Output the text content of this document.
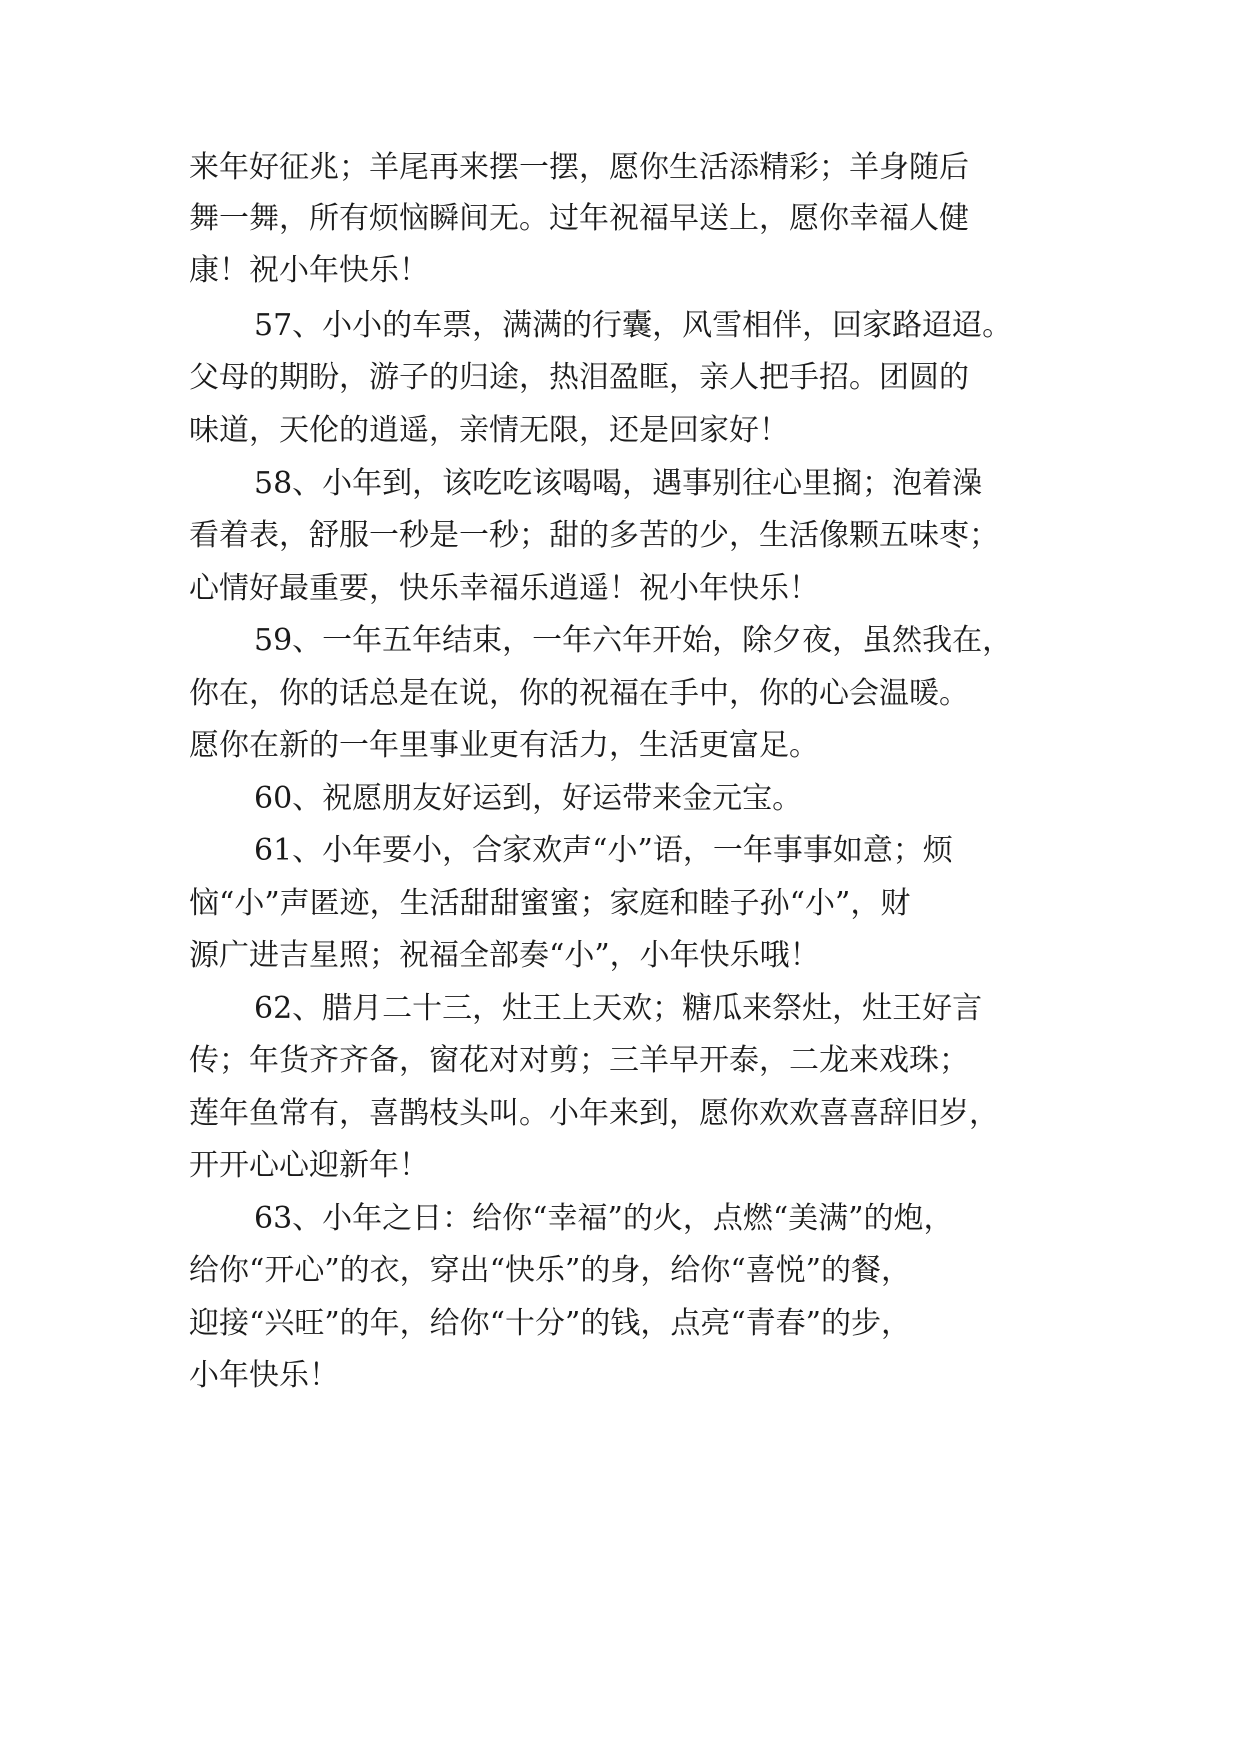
来年好征兆；羊尾再来摆一摆，愿你生活添精彩；羊身随后
舞一舞，所有烦恼瞬间无。过年祝福早送上，愿你幸福人健
康！祝小年快乐！
57、小小的车票，满满的行囊，风雪相伴，回家路迢迢。
父母的期盼，游子的归途，热泪盈眶，亲人把手招。团圆的
味道，天伦的逍遥，亲情无限，还是回家好！
58、小年到，该吃吃该喝喝，遇事别往心里搁；泡着澡
看着表，舒服一秒是一秒；甜的多苦的少，生活像颗五味枣；
心情好最重要，快乐幸福乐逍遥！祝小年快乐！
59、一年五年结束，一年六年开始，除夕夜，虽然我在，
你在，你的话总是在说，你的祝福在手中，你的心会温暖。
愿你在新的一年里事业更有活力，生活更富足。
60、祝愿朋友好运到，好运带来金元宝。
61、小年要小，合家欢声“小”语，一年事事如意；烦
恼“小”声匿迹，生活甜甜蜜蜜；家庭和睦子孙“小”，财
源广进吉星照；祝福全部奏“小”，小年快乐哦！
62、腊月二十三，灶王上天欢；糖瓜来祭灶，灶王好言
传；年货齐齐备，窗花对对剪；三羊早开泰，二龙来戏珠；
莲年鱼常有，喜鹊枝头叫。小年来到，愿你欢欢喜喜辞旧岁，
开开心心迎新年！
63、小年之日：给你“幸福”的火，点燃“美满”的炮，
给你“开心”的衣，穿出“快乐”的身，给你“喜悦”的餐，
迎接“兴旺”的年，给你“十分”的钱，点亮“青春”的步，
小年快乐！
